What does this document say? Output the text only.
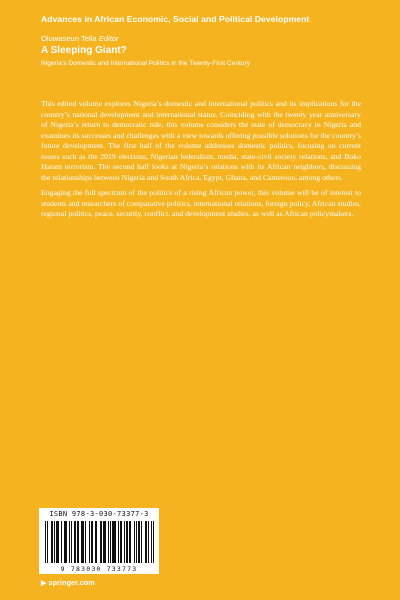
Advances in African Economic, Social and Political Development
Oluwaseun Tella Editor
A Sleeping Giant?
Nigeria’s Domestic and International Politics in the Twenty-First Century

This edited volume explores Nigeria’s domestic and international politics and its implications for the country’s national development and international status. Coinciding with the twenty year anniversary of Nigeria’s return to democratic rule, this volume considers the state of democracy in Nigeria and examines its successes and challenges with a view towards offering possible solutions for the country’s future development. The first half of the volume addresses domestic politics, focusing on current issues such as the 2019 elections, Nigerian federalism, media, state-civil society relations, and Boko Haram terrorism. The second half looks at Nigeria’s relations with its African neighbors, discussing the relationships between Nigeria and South Africa, Egypt, Ghana, and Cameroon, among others.

Engaging the full spectrum of the politics of a rising African power, this volume will be of interest to students and researchers of comparative politics, international relations, foreign policy, African studies, regional politics, peace, security, conflict, and development studies, as well as African policymakers.

ISBN 978-3-030-73377-3
9 783030 733773
▶ springer.com
